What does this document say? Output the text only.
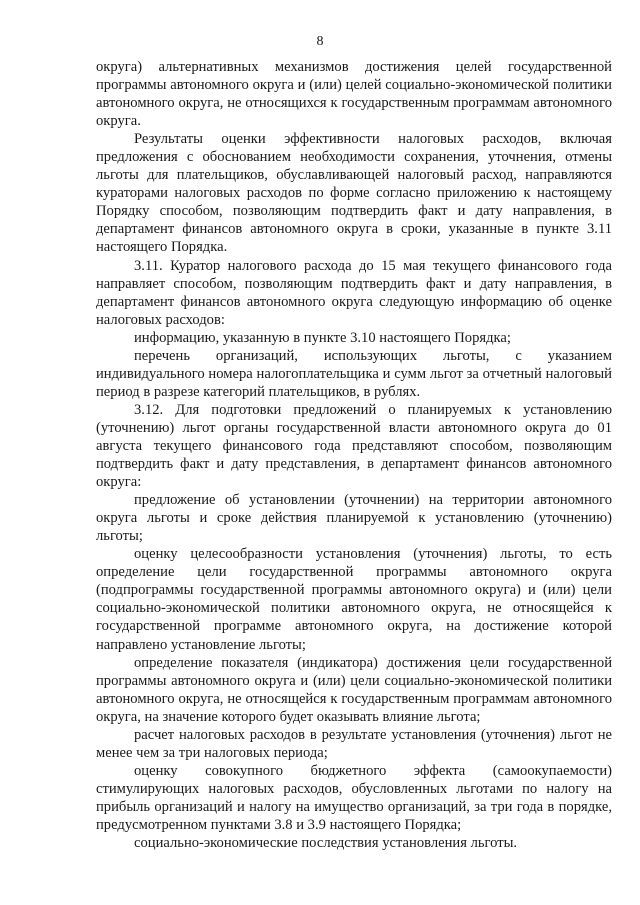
8

округа) альтернативных механизмов достижения целей государственной программы автономного округа и (или) целей социально-экономической политики автономного округа, не относящихся к государственным программам автономного округа.

Результаты оценки эффективности налоговых расходов, включая предложения с обоснованием необходимости сохранения, уточнения, отмены льготы для плательщиков, обуславливающей налоговый расход, направляются кураторами налоговых расходов по форме согласно приложению к настоящему Порядку способом, позволяющим подтвердить факт и дату направления, в департамент финансов автономного округа в сроки, указанные в пункте 3.11 настоящего Порядка.

3.11. Куратор налогового расхода до 15 мая текущего финансового года направляет способом, позволяющим подтвердить факт и дату направления, в департамент финансов автономного округа следующую информацию об оценке налоговых расходов:

информацию, указанную в пункте 3.10 настоящего Порядка;

перечень организаций, использующих льготы, с указанием индивидуального номера налогоплательщика и сумм льгот за отчетный налоговый период в разрезе категорий плательщиков, в рублях.

3.12. Для подготовки предложений о планируемых к установлению (уточнению) льгот органы государственной власти автономного округа до 01 августа текущего финансового года представляют способом, позволяющим подтвердить факт и дату представления, в департамент финансов автономного округа:

предложение об установлении (уточнении) на территории автономного округа льготы и сроке действия планируемой к установлению (уточнению) льготы;

оценку целесообразности установления (уточнения) льготы, то есть определение цели государственной программы автономного округа (подпрограммы государственной программы автономного округа) и (или) цели социально-экономической политики автономного округа, не относящейся к государственной программе автономного округа, на достижение которой направлено установление льготы;

определение показателя (индикатора) достижения цели государственной программы автономного округа и (или) цели социально-экономической политики автономного округа, не относящейся к государственным программам автономного округа, на значение которого будет оказывать влияние льгота;

расчет налоговых расходов в результате установления (уточнения) льгот не менее чем за три налоговых периода;

оценку совокупного бюджетного эффекта (самоокупаемости) стимулирующих налоговых расходов, обусловленных льготами по налогу на прибыль организаций и налогу на имущество организаций, за три года в порядке, предусмотренном пунктами 3.8 и 3.9 настоящего Порядка;

социально-экономические последствия установления льготы.
